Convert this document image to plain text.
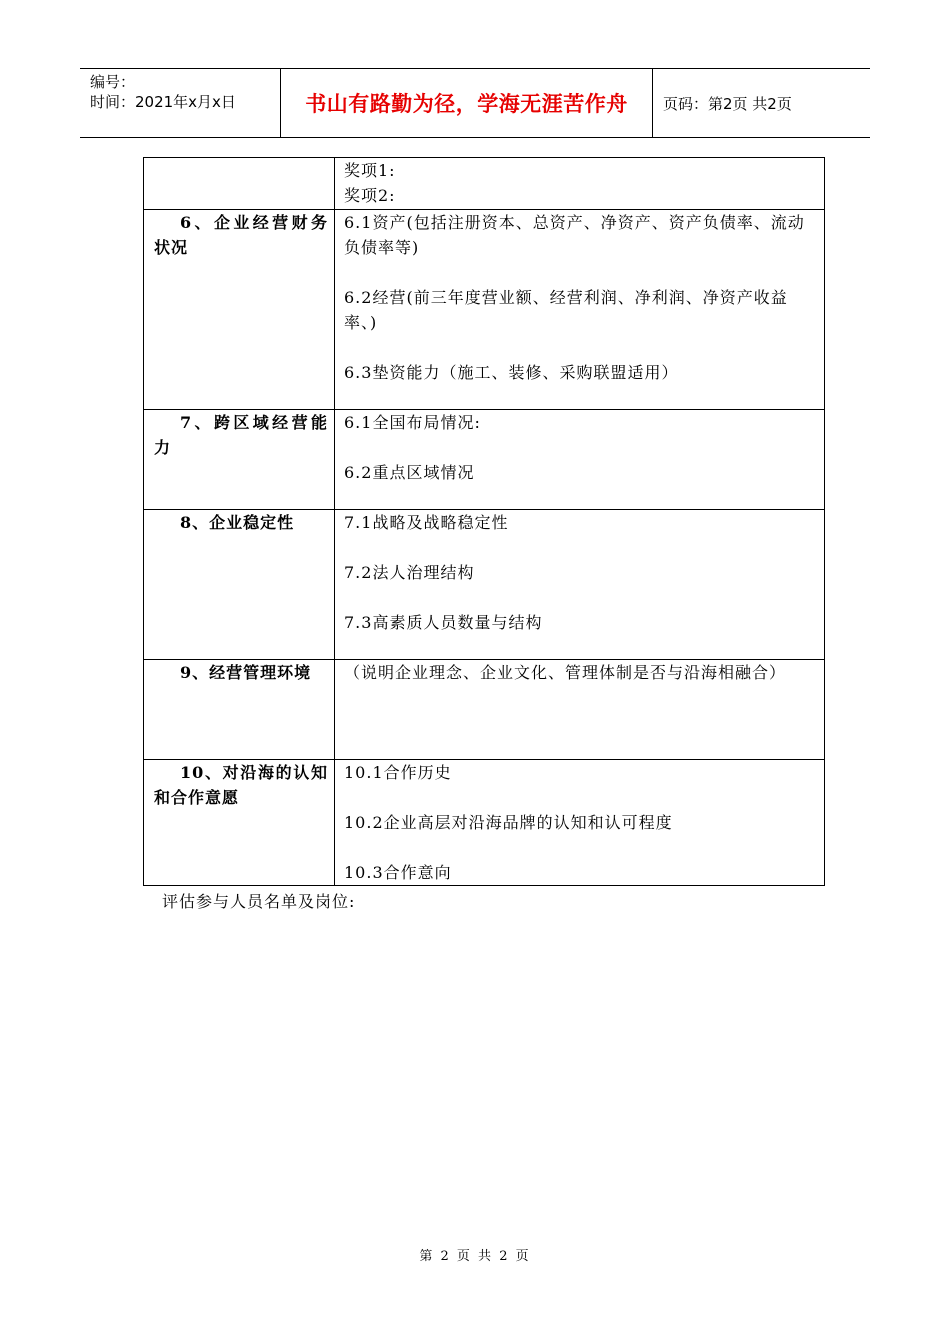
编号：
时间：2021年x月x日	书山有路勤为径，学海无涯苦作舟	页码：第2页 共2页

	奖项1:

奖项2:

6、企业经营财务状况	6.1资产(包括注册资本、总资产、净资产、资产负债率、流动负债率等)

6.2经营(前三年度营业额、经营利润、净利润、净资产收益率、)

6.3垫资能力（施工、装修、采购联盟适用）

7、跨区域经营能力	6.1全国布局情况:

6.2重点区域情况

8、企业稳定性	7.1战略及战略稳定性

7.2法人治理结构

7.3高素质人员数量与结构

9、经营管理环境	（说明企业理念、企业文化、管理体制是否与沿海相融合）

10、对沿海的认知和合作意愿	10.1合作历史

10.2企业高层对沿海品牌的认知和认可程度

10.3合作意向

评估参与人员名单及岗位:
第 2 页 共 2 页
